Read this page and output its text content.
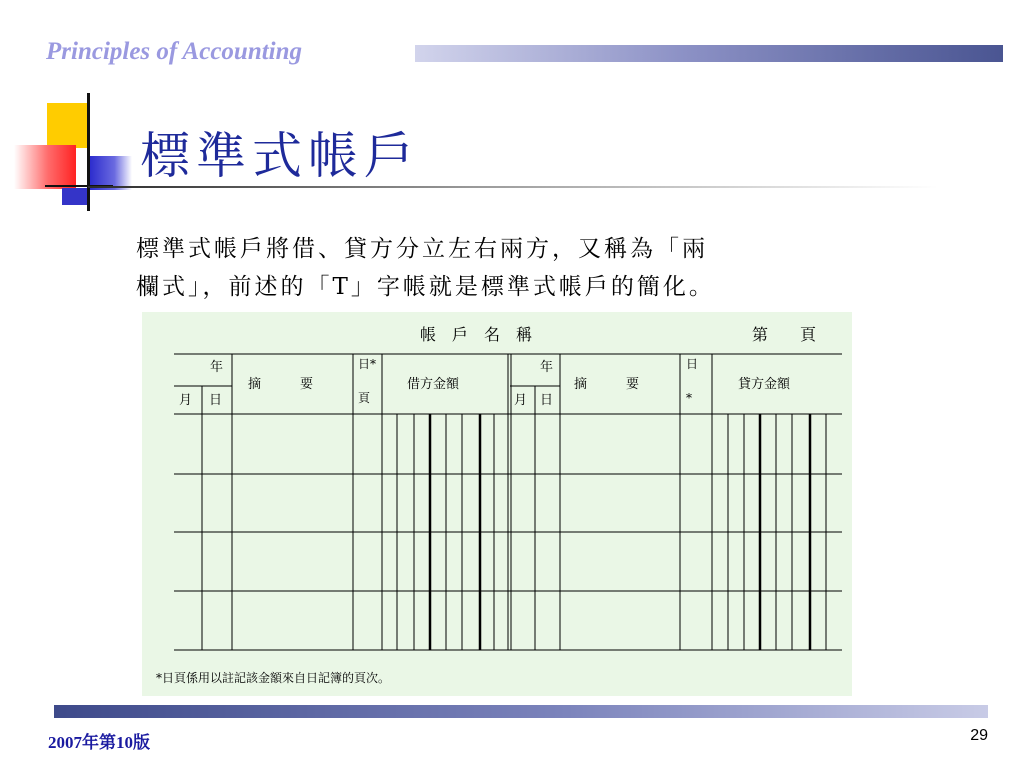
Principles of Accounting
標準式帳戶
標準式帳戶將借、貸方分立左右兩方，又稱為「兩
欄式」，前述的「T」字帳就是標準式帳戶的簡化。
帳　戶　名　稱	第　　頁
年
月 日
摘　　　要
日*
頁
借方金額
年
月 日
摘　　　要
日
*
貸方金額
*日頁係用以註記該金額來自日記簿的頁次。
2007年第10版	29
